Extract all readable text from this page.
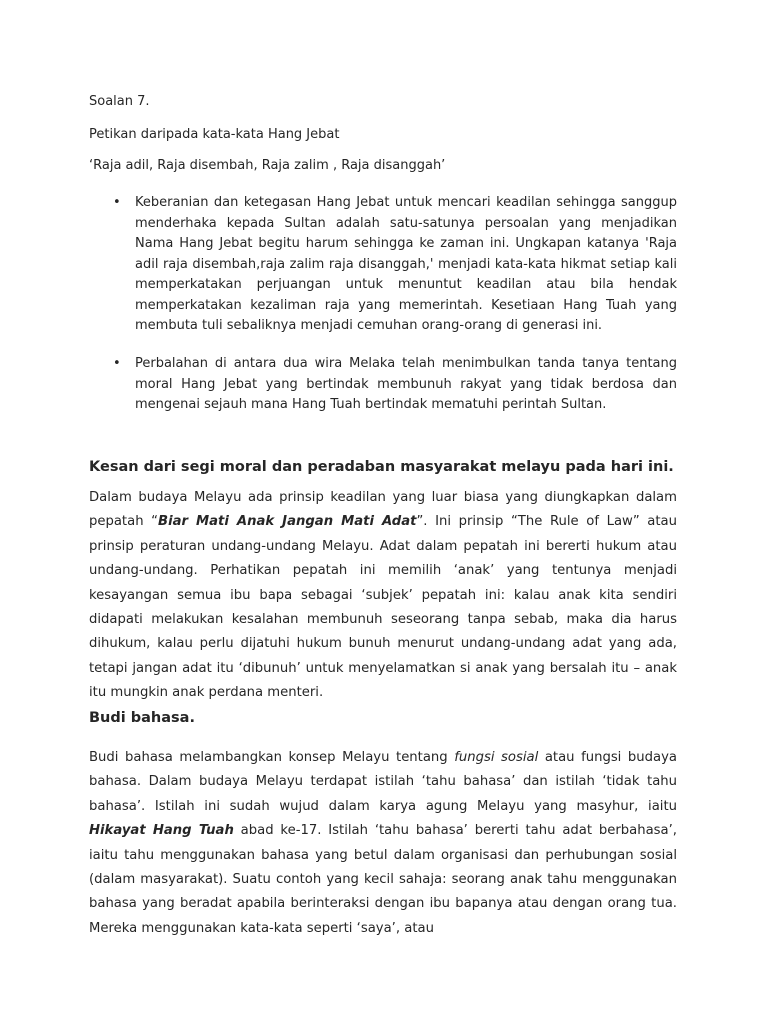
Soalan 7.

Petikan daripada kata-kata Hang Jebat

‘Raja adil, Raja disembah, Raja zalim , Raja disanggah’

• Keberanian dan ketegasan Hang Jebat untuk mencari keadilan sehingga sanggup menderhaka kepada Sultan adalah satu-satunya persoalan yang menjadikan Nama Hang Jebat begitu harum sehingga ke zaman ini. Ungkapan katanya 'Raja adil raja disembah,raja zalim raja disanggah,' menjadi kata-kata hikmat setiap kali memperkatakan perjuangan untuk menuntut keadilan atau bila hendak memperkatakan kezaliman raja yang memerintah. Kesetiaan Hang Tuah yang membuta tuli sebaliknya menjadi cemuhan orang-orang di generasi ini.

• Perbalahan di antara dua wira Melaka telah menimbulkan tanda tanya tentang moral Hang Jebat yang bertindak membunuh rakyat yang tidak berdosa dan mengenai sejauh mana Hang Tuah bertindak mematuhi perintah Sultan.

Kesan dari segi moral dan peradaban masyarakat melayu pada hari ini.

Dalam budaya Melayu ada prinsip keadilan yang luar biasa yang diungkapkan dalam pepatah “Biar Mati Anak Jangan Mati Adat”. Ini prinsip “The Rule of Law” atau prinsip peraturan undang-undang Melayu. Adat dalam pepatah ini bererti hukum atau undang-undang. Perhatikan pepatah ini memilih ‘anak’ yang tentunya menjadi kesayangan semua ibu bapa sebagai ‘subjek’ pepatah ini: kalau anak kita sendiri didapati melakukan kesalahan membunuh seseorang tanpa sebab, maka dia harus dihukum, kalau perlu dijatuhi hukum bunuh menurut undang-undang adat yang ada, tetapi jangan adat itu ‘dibunuh’ untuk menyelamatkan si anak yang bersalah itu – anak itu mungkin anak perdana menteri.

Budi bahasa.

Budi bahasa melambangkan konsep Melayu tentang fungsi sosial atau fungsi budaya bahasa. Dalam budaya Melayu terdapat istilah ‘tahu bahasa’ dan istilah ‘tidak tahu bahasa’. Istilah ini sudah wujud dalam karya agung Melayu yang masyhur, iaitu Hikayat Hang Tuah abad ke-17. Istilah ‘tahu bahasa’ bererti tahu adat berbahasa’, iaitu tahu menggunakan bahasa yang betul dalam organisasi dan perhubungan sosial (dalam masyarakat). Suatu contoh yang kecil sahaja: seorang anak tahu menggunakan bahasa yang beradat apabila berinteraksi dengan ibu bapanya atau dengan orang tua. Mereka menggunakan kata-kata seperti ‘saya’, atau
